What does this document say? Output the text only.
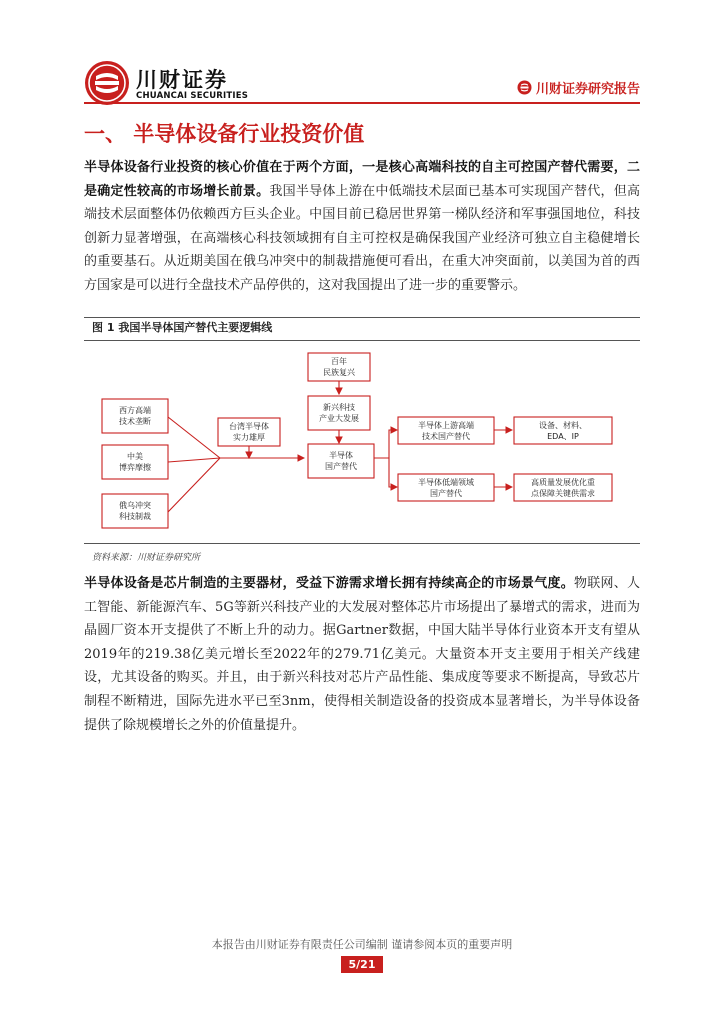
川财证券
CHUANCAI SECURITIES	川财证券研究报告
一、 半导体设备行业投资价值
半导体设备行业投资的核心价值在于两个方面，一是核心高端科技的自主可控国产替代需要，二是确定性较高的市场增长前景。我国半导体上游在中低端技术层面已基本可实现国产替代，但高端技术层面整体仍依赖西方巨头企业。中国目前已稳居世界第一梯队经济和军事强国地位，科技创新力显著增强，在高端核心科技领域拥有自主可控权是确保我国产业经济可独立自主稳健增长的重要基石。从近期美国在俄乌冲突中的制裁措施便可看出，在重大冲突面前，以美国为首的西方国家是可以进行全盘技术产品停供的，这对我国提出了进一步的重要警示。
图 1 我国半导体国产替代主要逻辑线
西方高端技术垄断
中美博弈摩擦
俄乌冲突科技制裁
台湾半导体实力雄厚
百年民族复兴
新兴科技产业大发展
半导体国产替代
半导体上游高端技术国产替代
半导体低端领域国产替代
设备、材料、 EDA、IP
高质量发展优化重点保障关键供需求
资料来源：川财证券研究所
半导体设备是芯片制造的主要器材，受益下游需求增长拥有持续高企的市场景气度。物联网、人工智能、新能源汽车、5G等新兴科技产业的大发展对整体芯片市场提出了暴增式的需求，进而为晶圆厂资本开支提供了不断上升的动力。据Gartner数据，中国大陆半导体行业资本开支有望从2019年的219.38亿美元增长至2022年的279.71亿美元。大量资本开支主要用于相关产线建设，尤其设备的购买。并且，由于新兴科技对芯片产品性能、集成度等要求不断提高，导致芯片制程不断精进，国际先进水平已至3nm，使得相关制造设备的投资成本显著增长，为半导体设备提供了除规模增长之外的价值量提升。
本报告由川财证券有限责任公司编制 谨请参阅本页的重要声明
5/21
